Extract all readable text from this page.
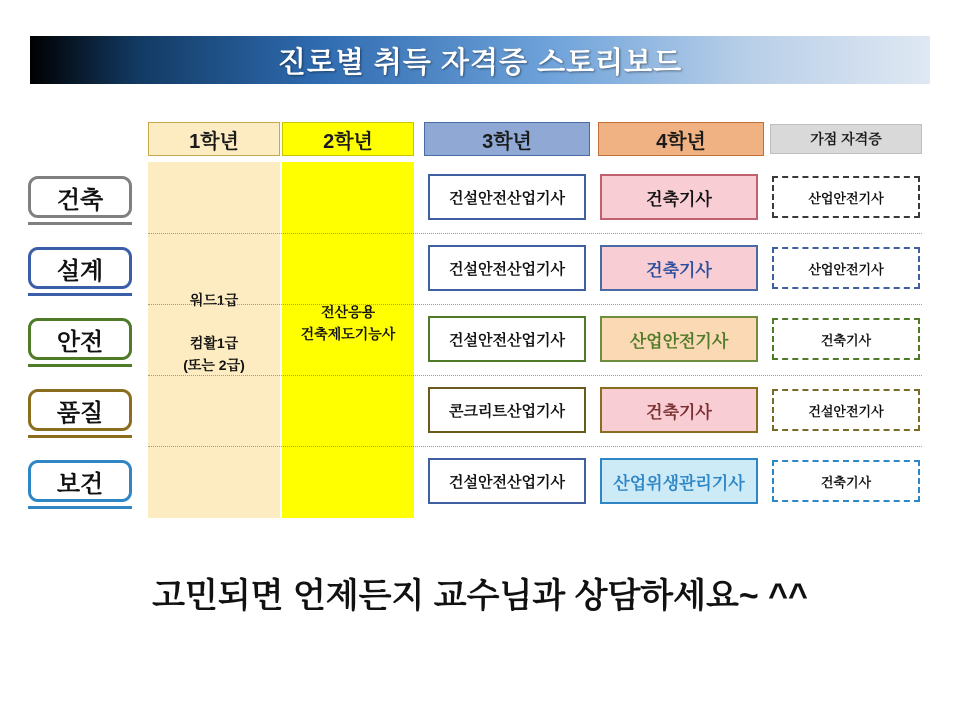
진로별 취득 자격증 스토리보드
1학년	2학년	3학년	4학년	가점 자격증
워드1급

컴활1급
(또는 2급)
전산응용
건축제도기능사
건축	건설안전산업기사	건축기사	산업안전기사
설계	건설안전산업기사	건축기사	산업안전기사
안전	건설안전산업기사	산업안전기사	건축기사
품질	콘크리트산업기사	건축기사	건설안전기사
보건	건설안전산업기사	산업위생관리기사	건축기사
고민되면 언제든지 교수님과 상담하세요~ ^^
